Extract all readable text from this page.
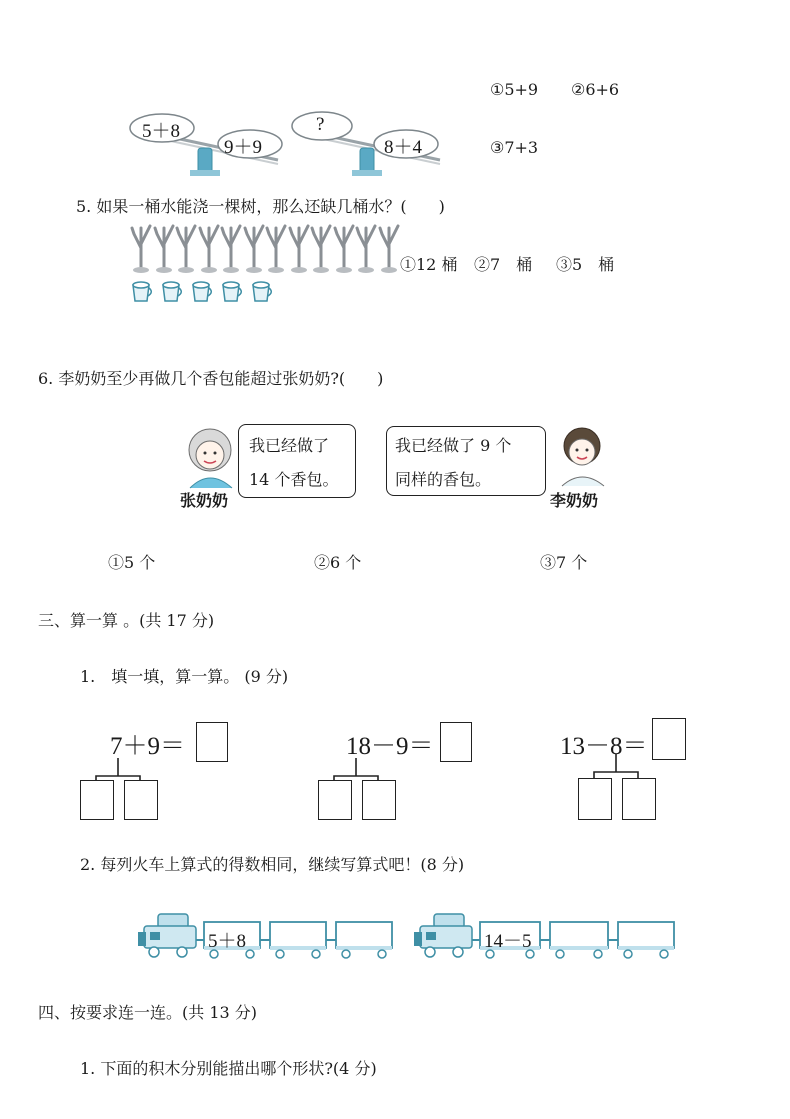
①5+9 ②6+6
③7+3
5＋8
9＋9
?
8＋4
5. 如果一桶水能浇一棵树，那么还缺几桶水？(　　)
①12 桶 ②7　桶 ③5　桶
6. 李奶奶至少再做几个香包能超过张奶奶?(　　)
我已经做了
14 个香包。
张奶奶
我已经做了 9 个
同样的香包。
李奶奶
①5 个	②6 个	③7 个
三、算一算 。(共 17 分)
1.　填一填，算一算。 (9 分)
7＋9＝	18－9＝	13－8＝
2. 每列火车上算式的得数相同，继续写算式吧！(8 分)
5＋8	14－5
四、按要求连一连。(共 13 分)
1. 下面的积木分别能描出哪个形状?(4 分)
